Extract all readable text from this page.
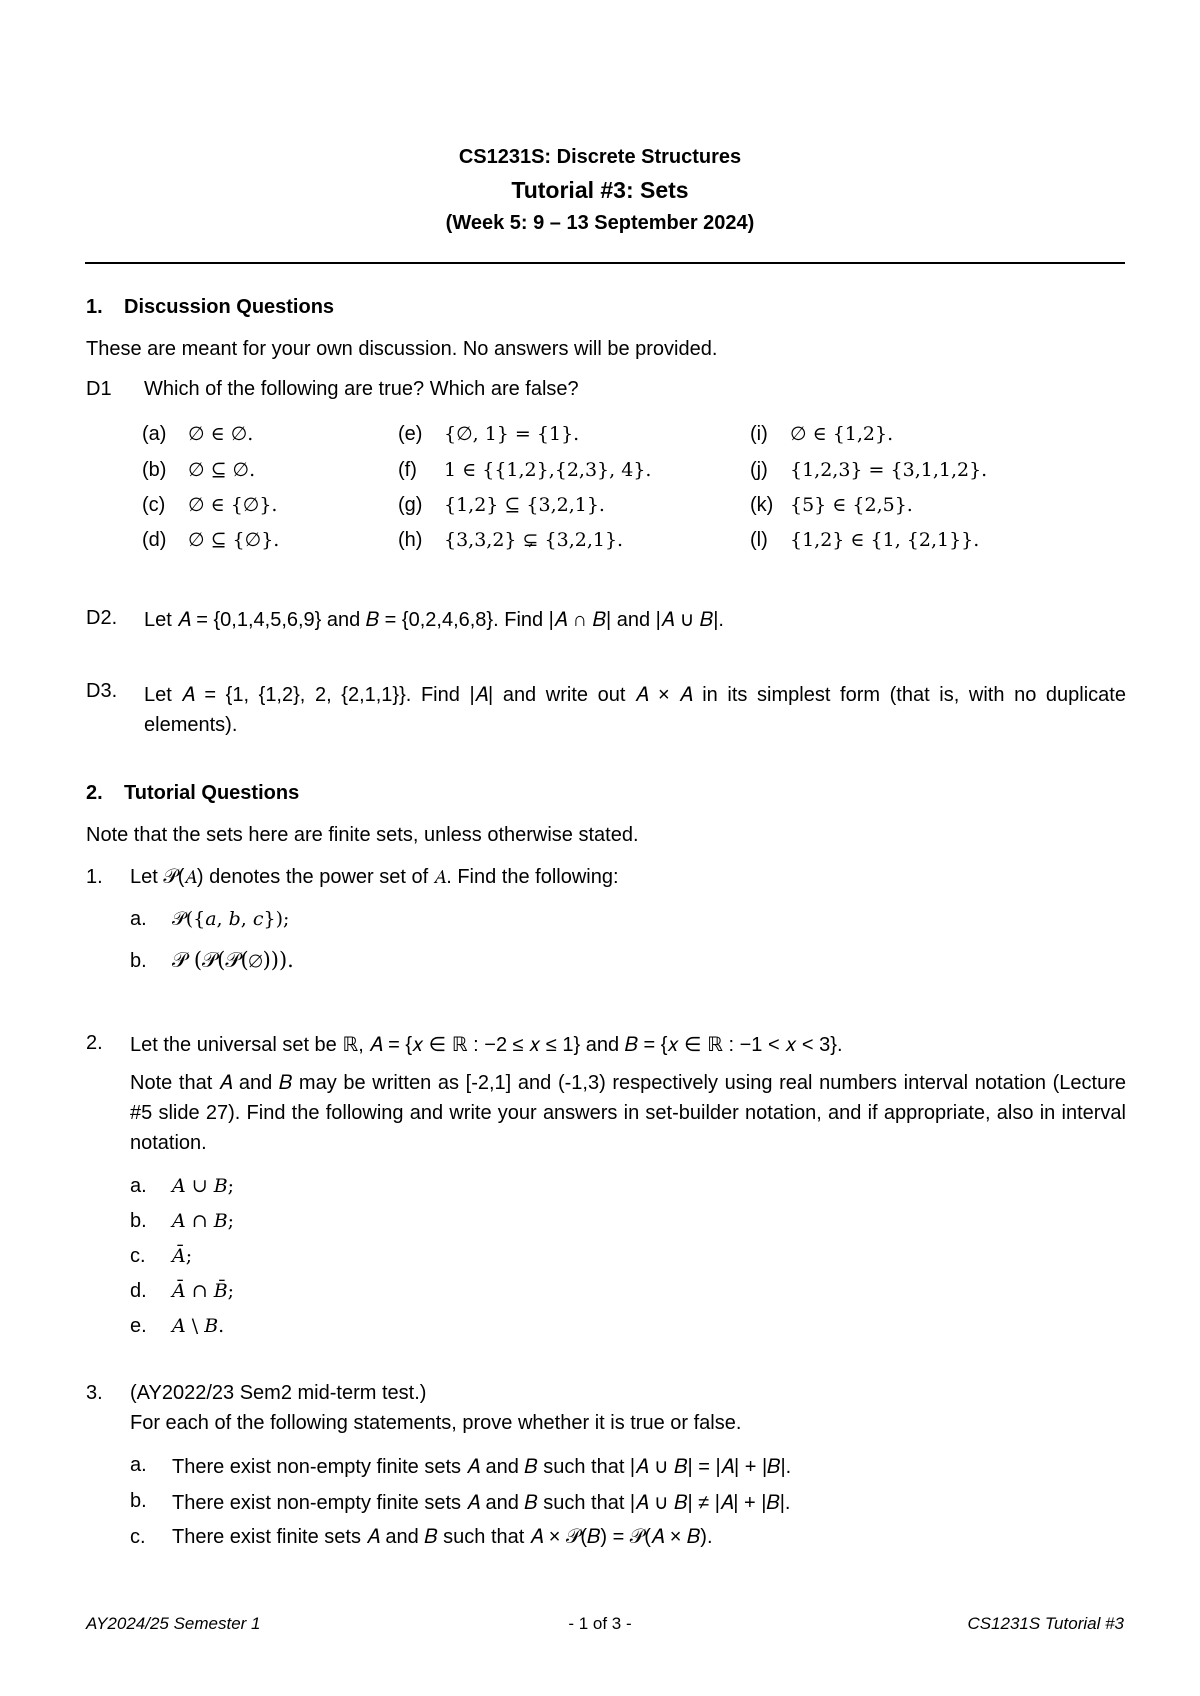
CS1231S: Discrete Structures
Tutorial #3: Sets
(Week 5: 9 – 13 September 2024)
1. Discussion Questions
These are meant for your own discussion. No answers will be provided.
D1 Which of the following are true? Which are false?
(a) ∅ ∈ ∅.
(b) ∅ ⊆ ∅.
(c) ∅ ∈ {∅}.
(d) ∅ ⊆ {∅}.
(e) {∅, 1} = {1}.
(f) 1 ∈ {{1,2},{2,3}, 4}.
(g) {1,2} ⊆ {3,2,1}.
(h) {3,3,2} ⊊ {3,2,1}.
(i) ∅ ∈ {1,2}.
(j) {1,2,3} = {3,1,1,2}.
(k) {5} ∈ {2,5}.
(l) {1,2} ∈ {1, {2,1}}.
D2. Let 𝐴 = {0,1,4,5,6,9} and 𝐵 = {0,2,4,6,8}. Find |𝐴 ∩ 𝐵| and |𝐴 ∪ 𝐵|.
D3. Let 𝐴 = {1, {1,2}, 2, {2,1,1}}. Find |𝐴| and write out 𝐴 × 𝐴 in its simplest form (that is, with no duplicate elements).
2. Tutorial Questions
Note that the sets here are finite sets, unless otherwise stated.
1. Let 𝒫(𝐴) denotes the power set of 𝐴. Find the following:
a. 𝒫({𝑎, 𝑏, 𝑐});
b. 𝒫 (𝒫(𝒫(∅))).
2. Let the universal set be ℝ, 𝐴 = {𝑥 ∈ ℝ : −2 ≤ 𝑥 ≤ 1} and 𝐵 = {𝑥 ∈ ℝ : −1 < 𝑥 < 3}.
Note that 𝐴 and 𝐵 may be written as [-2,1] and (-1,3) respectively using real numbers interval notation (Lecture #5 slide 27). Find the following and write your answers in set-builder notation, and if appropriate, also in interval notation.
a. 𝐴 ∪ 𝐵;
b. 𝐴 ∩ 𝐵;
c. 𝐴̄;
d. 𝐴̄ ∩ 𝐵̄;
e. 𝐴 \ 𝐵.
3. (AY2022/23 Sem2 mid-term test.)
For each of the following statements, prove whether it is true or false.
a. There exist non-empty finite sets 𝐴 and 𝐵 such that |𝐴 ∪ 𝐵| = |𝐴| + |𝐵|.
b. There exist non-empty finite sets 𝐴 and 𝐵 such that |𝐴 ∪ 𝐵| ≠ |𝐴| + |𝐵|.
c. There exist finite sets 𝐴 and 𝐵 such that 𝐴 × 𝒫(𝐵) = 𝒫(𝐴 × 𝐵).
AY2024/25 Semester 1	- 1 of 3 -	CS1231S Tutorial #3
